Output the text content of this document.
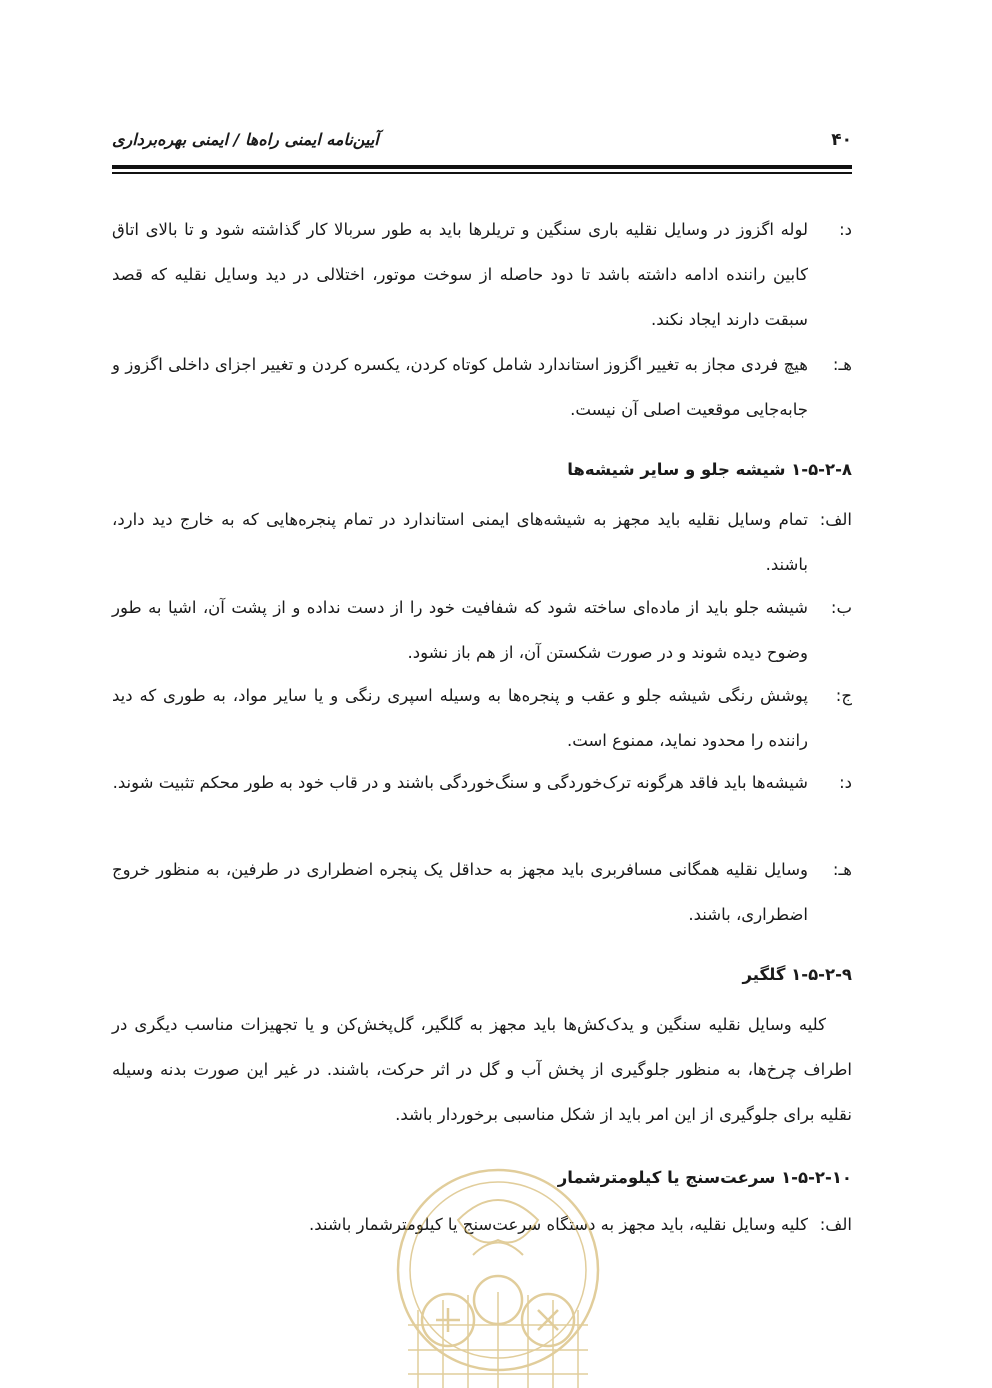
۴۰
آیین‌نامه ایمنی راه‌ها / ایمنی بهره‌برداری
د:
لوله اگزوز در وسایل نقلیه باری سنگین و تریلرها باید به طور سربالا کار گذاشته شود و تا بالای اتاق کابین راننده ادامه داشته باشد تا دود حاصله از سوخت موتور، اختلالی در دید وسایل نقلیه که قصد سبقت دارند ایجاد نکند.
هـ:
هیچ فردی مجاز به تغییر اگزوز استاندارد شامل کوتاه کردن، یکسره کردن و تغییر اجزای داخلی اگزوز و جابه‌جایی موقعیت اصلی آن نیست.
۱-۵-۲-۸ شیشه جلو و سایر شیشه‌ها
الف:
تمام وسایل نقلیه باید مجهز به شیشه‌های ایمنی استاندارد در تمام پنجره‌هایی که به خارج دید دارد، باشند.
ب:
شیشه جلو باید از ماده‌ای ساخته شود که شفافیت خود را از دست نداده و از پشت آن، اشیا به طور وضوح دیده شوند و در صورت شکستن آن، از هم باز نشود.
ج:
پوشش رنگی شیشه جلو و عقب و پنجره‌ها به وسیله اسپری رنگی و یا سایر مواد، به طوری که دید راننده را محدود نماید، ممنوع است.
د:
شیشه‌ها باید فاقد هرگونه ترک‌خوردگی و سنگ‌خوردگی باشند و در قاب خود به طور محکم تثبیت شوند.
هـ:
وسایل نقلیه همگانی مسافربری باید مجهز به حداقل یک پنجره اضطراری در طرفین، به منظور خروج اضطراری، باشند.
۱-۵-۲-۹ گلگیر
کلیه وسایل نقلیه سنگین و یدک‌کش‌ها باید مجهز به گلگیر، گل‌پخش‌کن و یا تجهیزات مناسب دیگری در اطراف چرخ‌ها، به منظور جلوگیری از پخش آب و گل در اثر حرکت، باشند. در غیر این صورت بدنه وسیله نقلیه برای جلوگیری از این امر باید از شکل مناسبی برخوردار باشد.
۱-۵-۲-۱۰ سرعت‌سنج یا کیلومترشمار
الف:
کلیه وسایل نقلیه، باید مجهز به دستگاه سرعت‌سنج یا کیلومترشمار باشند.
